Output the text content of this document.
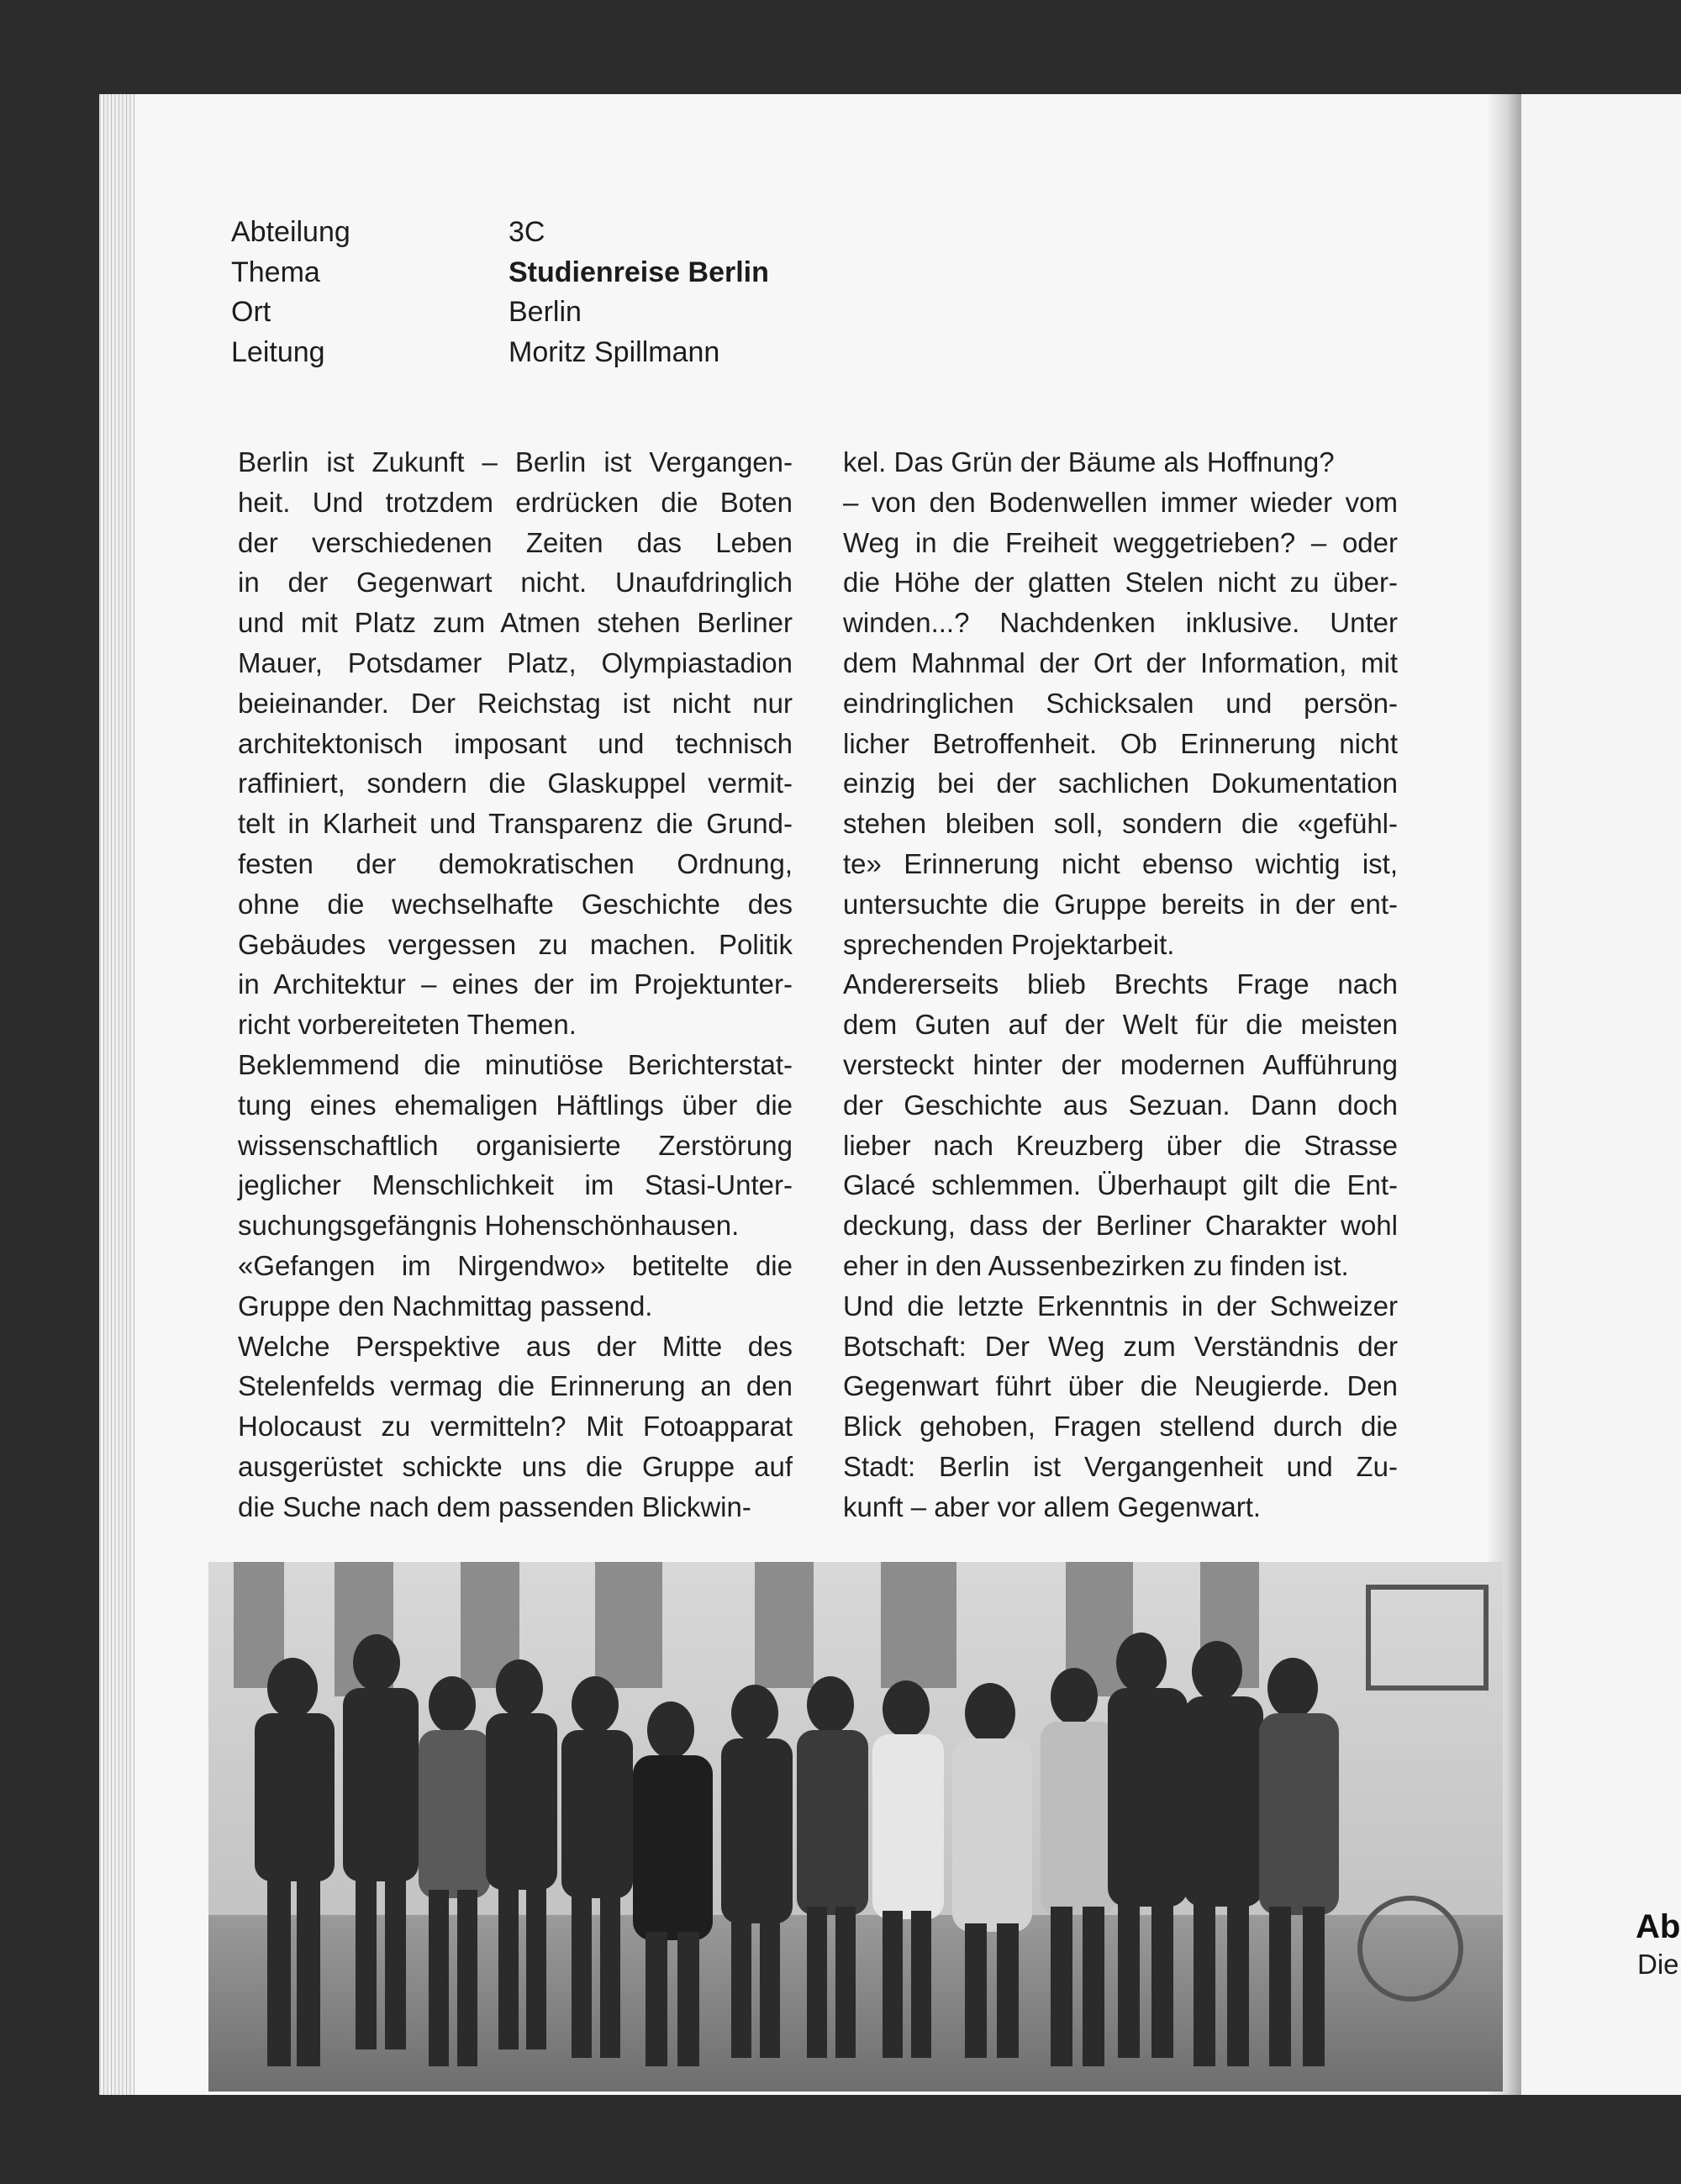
Abteilung	3C
Thema	Studienreise Berlin
Ort	Berlin
Leitung	Moritz Spillmann
Berlin ist Zukunft – Berlin ist Vergangen-
heit. Und trotzdem erdrücken die Boten
der verschiedenen Zeiten das Leben
in der Gegenwart nicht. Unaufdringlich
und mit Platz zum Atmen stehen Berliner
Mauer, Potsdamer Platz, Olympiastadion
beieinander. Der Reichstag ist nicht nur
architektonisch imposant und technisch
raffiniert, sondern die Glaskuppel vermit-
telt in Klarheit und Transparenz die Grund-
festen der demokratischen Ordnung,
ohne die wechselhafte Geschichte des
Gebäudes vergessen zu machen. Politik
in Architektur – eines der im Projektunter-
richt vorbereiteten Themen.
Beklemmend die minutiöse Berichterstat-
tung eines ehemaligen Häftlings über die
wissenschaftlich organisierte Zerstörung
jeglicher Menschlichkeit im Stasi-Unter-
suchungsgefängnis Hohenschönhausen.
«Gefangen im Nirgendwo» betitelte die
Gruppe den Nachmittag passend.
Welche Perspektive aus der Mitte des
Stelenfelds vermag die Erinnerung an den
Holocaust zu vermitteln? Mit Fotoapparat
ausgerüstet schickte uns die Gruppe auf
die Suche nach dem passenden Blickwin-
kel. Das Grün der Bäume als Hoffnung?
– von den Bodenwellen immer wieder vom
Weg in die Freiheit weggetrieben? – oder
die Höhe der glatten Stelen nicht zu über-
winden...? Nachdenken inklusive. Unter
dem Mahnmal der Ort der Information, mit
eindringlichen Schicksalen und persön-
licher Betroffenheit. Ob Erinnerung nicht
einzig bei der sachlichen Dokumentation
stehen bleiben soll, sondern die «gefühl-
te» Erinnerung nicht ebenso wichtig ist,
untersuchte die Gruppe bereits in der ent-
sprechenden Projektarbeit.
Andererseits blieb Brechts Frage nach
dem Guten auf der Welt für die meisten
versteckt hinter der modernen Aufführung
der Geschichte aus Sezuan. Dann doch
lieber nach Kreuzberg über die Strasse
Glacé schlemmen. Überhaupt gilt die Ent-
deckung, dass der Berliner Charakter wohl
eher in den Aussenbezirken zu finden ist.
Und die letzte Erkenntnis in der Schweizer
Botschaft: Der Weg zum Verständnis der
Gegenwart führt über die Neugierde. Den
Blick gehoben, Fragen stellend durch die
Stadt: Berlin ist Vergangenheit und Zu-
kunft – aber vor allem Gegenwart.
Ab
Die
